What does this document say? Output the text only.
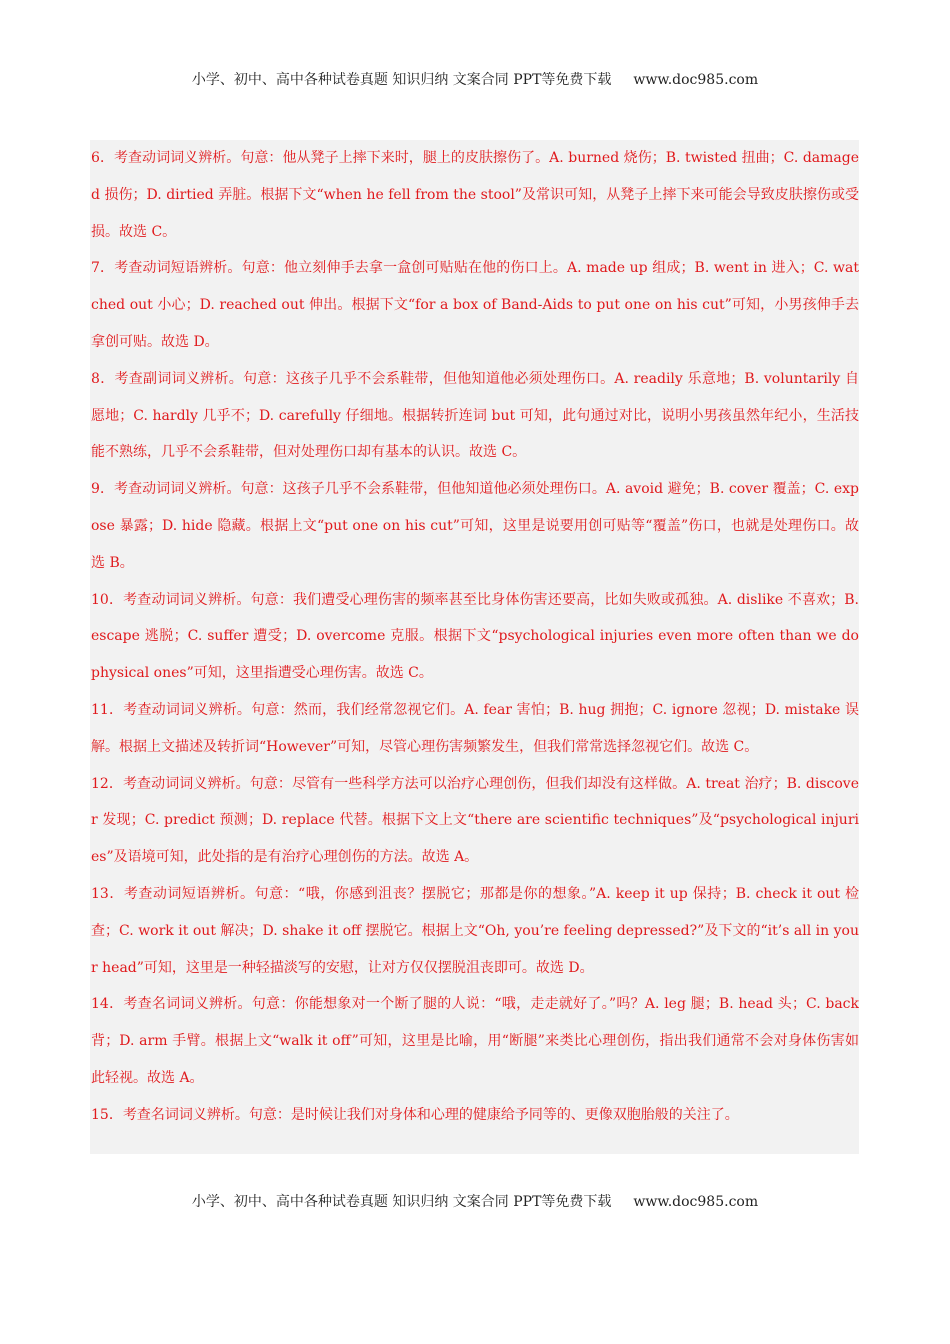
小学、初中、高中各种试卷真题 知识归纳 文案合同 PPT等免费下载 www.doc985.com

6．考查动词词义辨析。句意：他从凳子上摔下来时，腿上的皮肤擦伤了。A. burned 烧伤；B. twisted 扭曲；C. damaged 损伤；D. dirtied 弄脏。根据下文“when he fell from the stool”及常识可知，从凳子上摔下来可能会导致皮肤擦伤或受损。故选 C。

7．考查动词短语辨析。句意：他立刻伸手去拿一盒创可贴贴在他的伤口上。A. made up 组成；B. went in 进入；C. watched out 小心；D. reached out 伸出。根据下文“for a box of Band-Aids to put one on his cut”可知，小男孩伸手去拿创可贴。故选 D。

8．考查副词词义辨析。句意：这孩子几乎不会系鞋带，但他知道他必须处理伤口。A. readily 乐意地；B. voluntarily 自愿地；C. hardly 几乎不；D. carefully 仔细地。根据转折连词 but 可知，此句通过对比，说明小男孩虽然年纪小，生活技能不熟练，几乎不会系鞋带，但对处理伤口却有基本的认识。故选 C。

9．考查动词词义辨析。句意：这孩子几乎不会系鞋带，但他知道他必须处理伤口。A. avoid 避免；B. cover 覆盖；C. expose 暴露；D. hide 隐藏。根据上文“put one on his cut”可知，这里是说要用创可贴等“覆盖”伤口，也就是处理伤口。故选 B。

10．考查动词词义辨析。句意：我们遭受心理伤害的频率甚至比身体伤害还要高，比如失败或孤独。A. dislike 不喜欢；B. escape 逃脱；C. suffer 遭受；D. overcome 克服。根据下文“psychological injuries even more often than we do physical ones”可知，这里指遭受心理伤害。故选 C。

11．考查动词词义辨析。句意：然而，我们经常忽视它们。A. fear 害怕；B. hug 拥抱；C. ignore 忽视；D. mistake 误解。根据上文描述及转折词“However”可知，尽管心理伤害频繁发生，但我们常常选择忽视它们。故选 C。

12．考查动词词义辨析。句意：尽管有一些科学方法可以治疗心理创伤，但我们却没有这样做。A. treat 治疗；B. discover 发现；C. predict 预测；D. replace 代替。根据下文上文“there are scientific techniques”及“psychological injuries”及语境可知，此处指的是有治疗心理创伤的方法。故选 A。

13．考查动词短语辨析。句意：“哦，你感到沮丧？摆脱它；那都是你的想象。”A. keep it up 保持；B. check it out 检查；C. work it out 解决；D. shake it off 摆脱它。根据上文“Oh, you’re feeling depressed?”及下文的“it’s all in your head”可知，这里是一种轻描淡写的安慰，让对方仅仅摆脱沮丧即可。故选 D。

14．考查名词词义辨析。句意：你能想象对一个断了腿的人说：“哦，走走就好了。”吗？A. leg 腿；B. head 头；C. back 背；D. arm 手臂。根据上文“walk it off”可知，这里是比喻，用“断腿”来类比心理创伤，指出我们通常不会对身体伤害如此轻视。故选 A。

15．考查名词词义辨析。句意：是时候让我们对身体和心理的健康给予同等的、更像双胞胎般的关注了。

小学、初中、高中各种试卷真题 知识归纳 文案合同 PPT等免费下载 www.doc985.com
